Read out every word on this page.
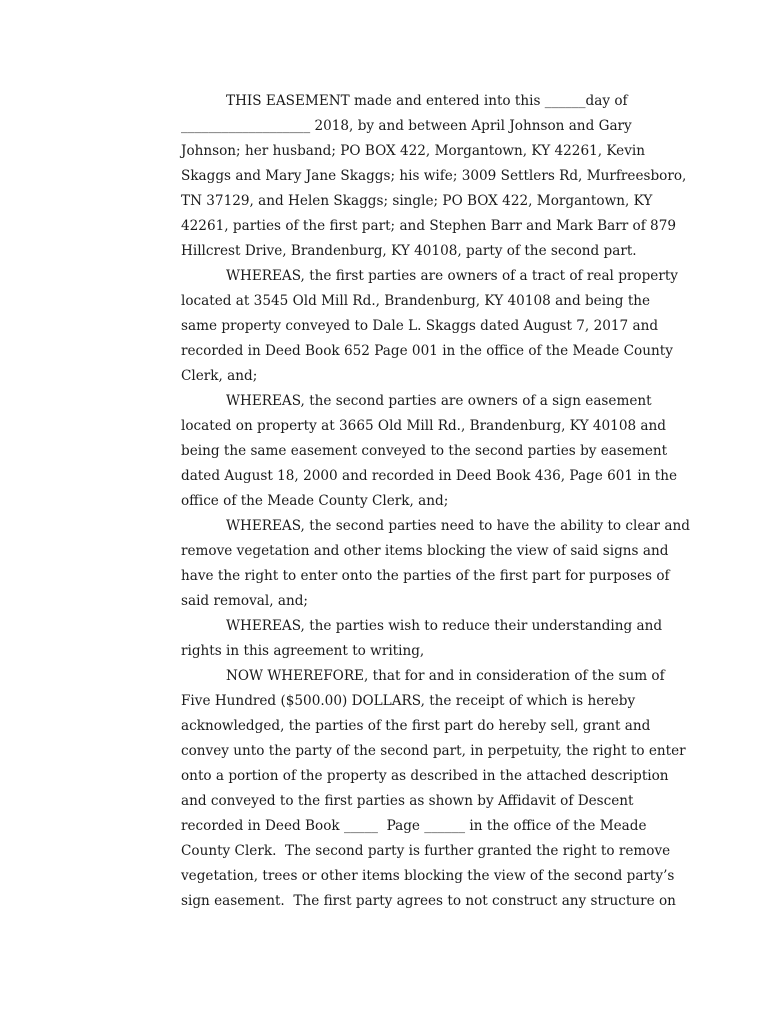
THIS EASEMENT made and entered into this ______day of
___________________ 2018, by and between April Johnson and Gary
Johnson; her husband; PO BOX 422, Morgantown, KY 42261, Kevin
Skaggs and Mary Jane Skaggs; his wife; 3009 Settlers Rd, Murfreesboro,
TN 37129, and Helen Skaggs; single; PO BOX 422, Morgantown, KY
42261, parties of the first part; and Stephen Barr and Mark Barr of 879
Hillcrest Drive, Brandenburg, KY 40108, party of the second part.
WHEREAS, the first parties are owners of a tract of real property
located at 3545 Old Mill Rd., Brandenburg, KY 40108 and being the
same property conveyed to Dale L. Skaggs dated August 7, 2017 and
recorded in Deed Book 652 Page 001 in the office of the Meade County
Clerk, and;
WHEREAS, the second parties are owners of a sign easement
located on property at 3665 Old Mill Rd., Brandenburg, KY 40108 and
being the same easement conveyed to the second parties by easement
dated August 18, 2000 and recorded in Deed Book 436, Page 601 in the
office of the Meade County Clerk, and;
WHEREAS, the second parties need to have the ability to clear and
remove vegetation and other items blocking the view of said signs and
have the right to enter onto the parties of the first part for purposes of
said removal, and;
WHEREAS, the parties wish to reduce their understanding and
rights in this agreement to writing,
NOW WHEREFORE, that for and in consideration of the sum of
Five Hundred ($500.00) DOLLARS, the receipt of which is hereby
acknowledged, the parties of the first part do hereby sell, grant and
convey unto the party of the second part, in perpetuity, the right to enter
onto a portion of the property as described in the attached description
and conveyed to the first parties as shown by Affidavit of Descent
recorded in Deed Book _____  Page ______ in the office of the Meade
County Clerk.  The second party is further granted the right to remove
vegetation, trees or other items blocking the view of the second party’s
sign easement.  The first party agrees to not construct any structure on
